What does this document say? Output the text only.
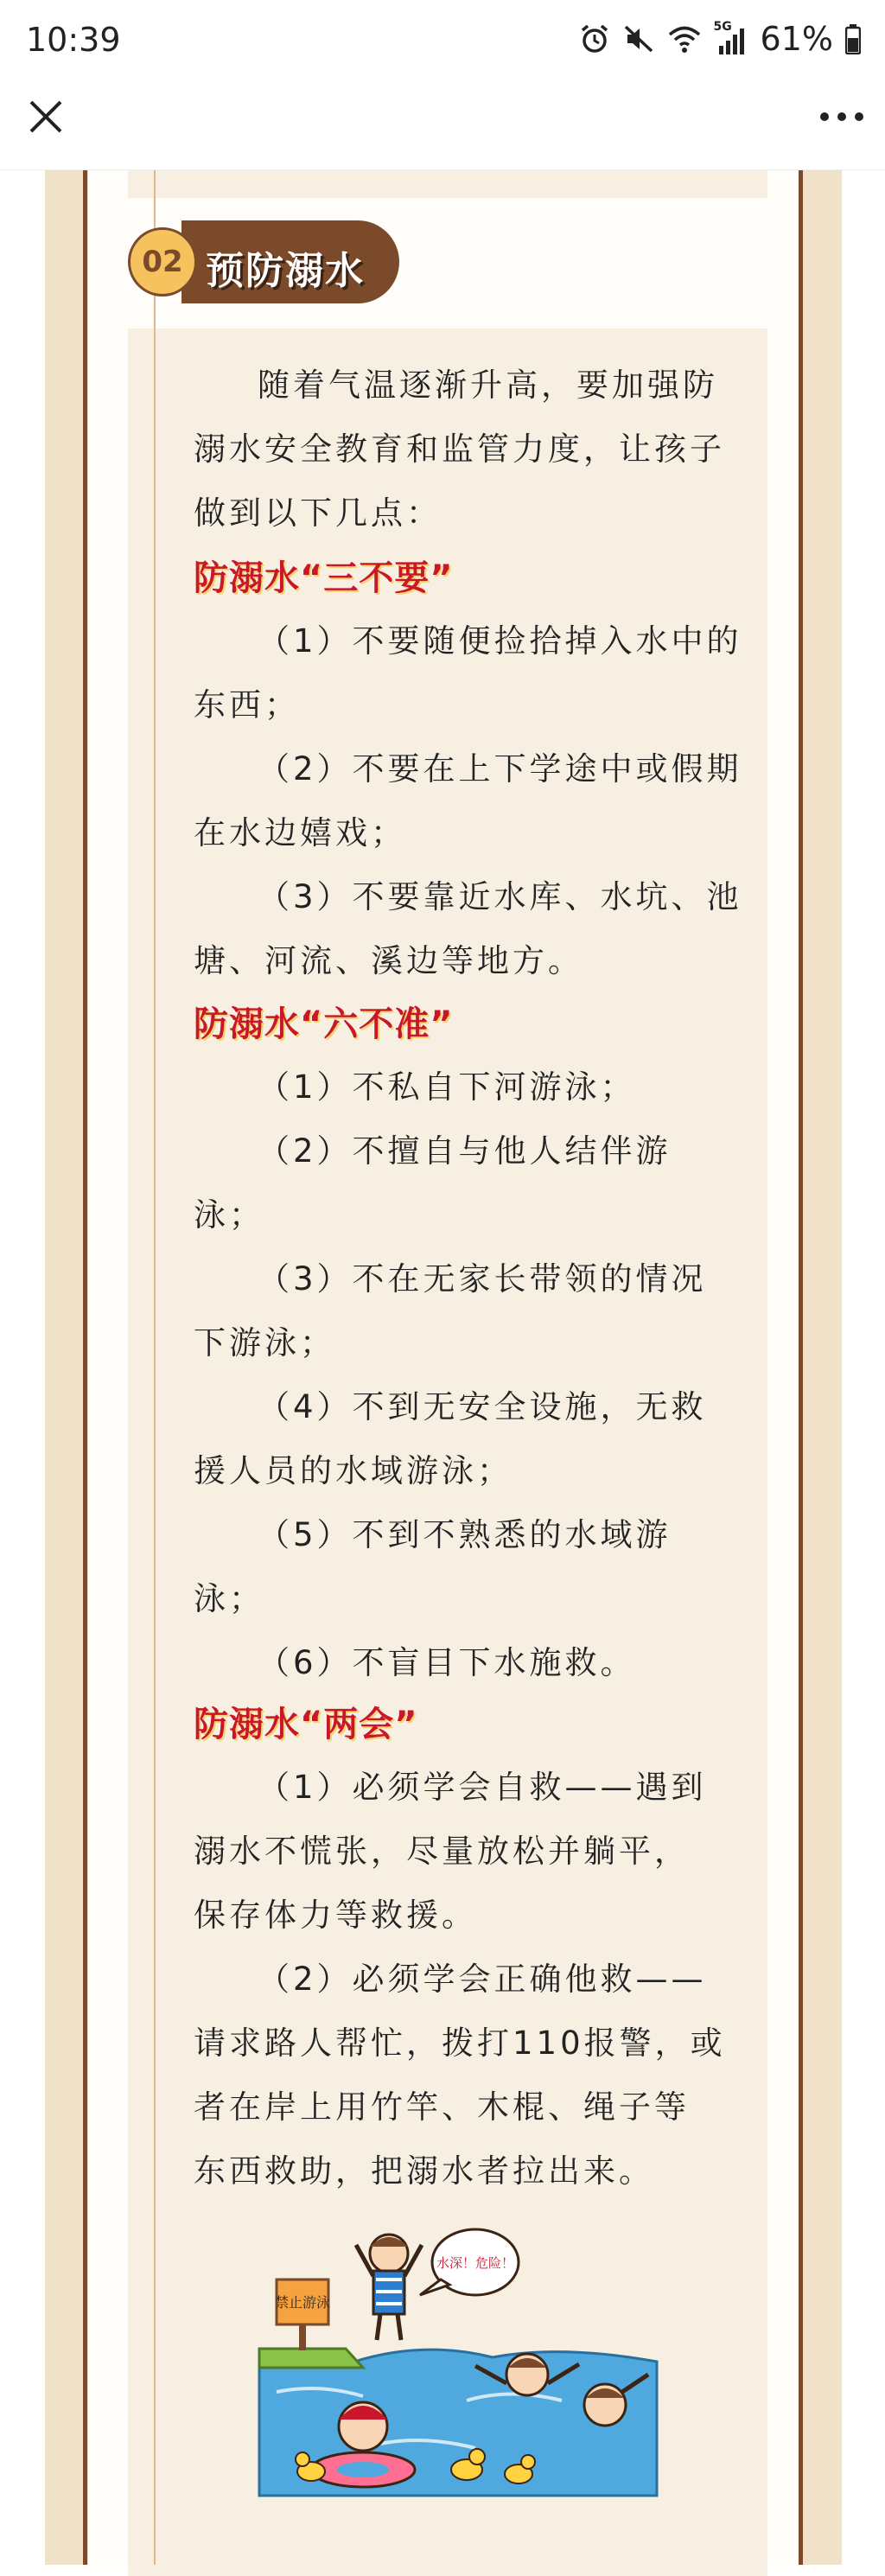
10:39	5G 61%
02 预防溺水
随着气温逐渐升高，要加强防
溺水安全教育和监管力度，让孩子
做到以下几点：
防溺水“三不要”
（1）不要随便捡拾掉入水中的
东西；
（2）不要在上下学途中或假期
在水边嬉戏；
（3）不要靠近水库、水坑、池
塘、河流、溪边等地方。
防溺水“六不准”
（1）不私自下河游泳；
（2）不擅自与他人结伴游
泳；
（3）不在无家长带领的情况
下游泳；
（4）不到无安全设施，无救
援人员的水域游泳；
（5）不到不熟悉的水域游
泳；
（6）不盲目下水施救。
防溺水“两会”
（1）必须学会自救——遇到
溺水不慌张，尽量放松并躺平，
保存体力等救援。
（2）必须学会正确他救——
请求路人帮忙，拨打110报警，或
者在岸上用竹竿、木棍、绳子等
东西救助，把溺水者拉出来。
禁止游泳
水深！危险！
